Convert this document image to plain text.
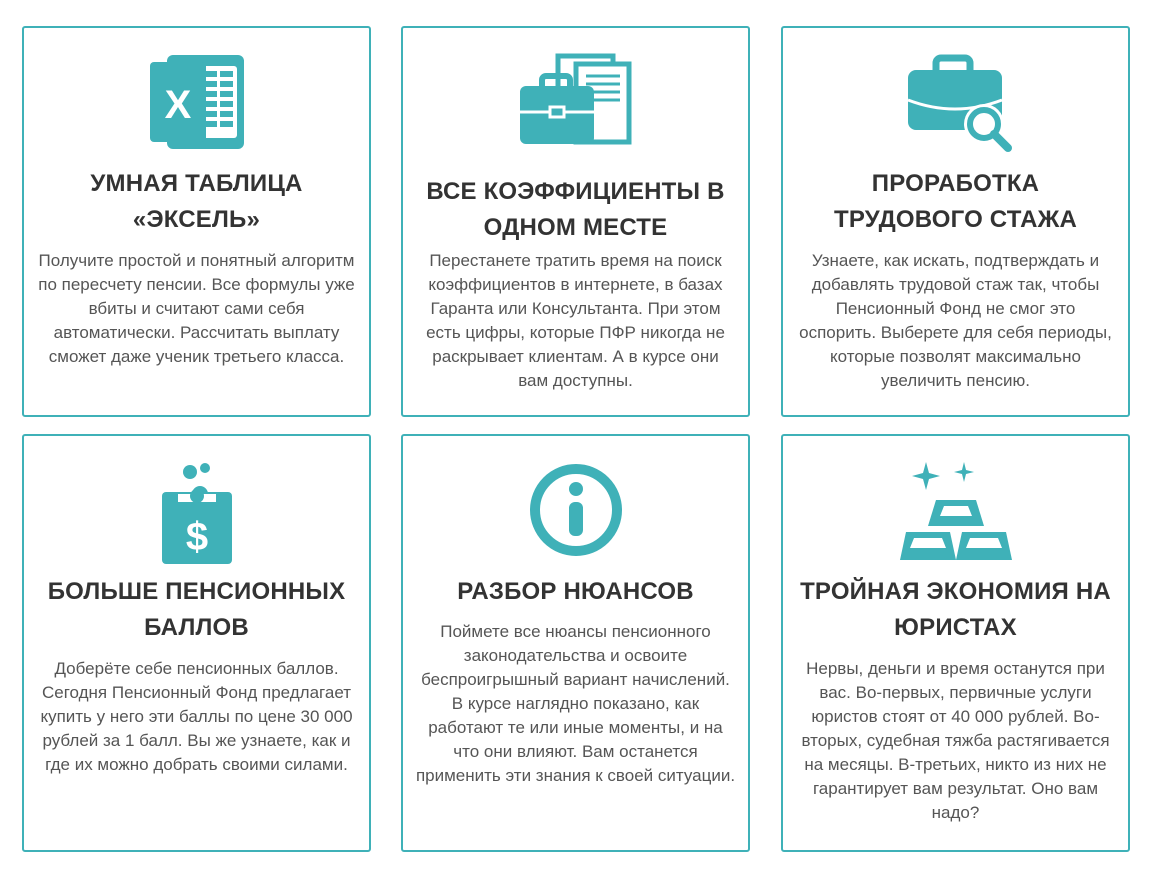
X
УМНАЯ ТАБЛИЦА «ЭКСЕЛЬ»

Получите простой и понятный алгоритм по пересчету пенсии. Все формулы уже вбиты и считают сами себя автоматически. Рассчитать выплату сможет даже ученик третьего класса.

ВСЕ КОЭФФИЦИЕНТЫ В ОДНОМ МЕСТЕ

Перестанете тратить время на поиск коэффициентов в интернете, в базах Гаранта или Консультанта. При этом есть цифры, которые ПФР никогда не раскрывает клиентам. А в курсе они вам доступны.

ПРОРАБОТКА ТРУДОВОГО СТАЖА

Узнаете, как искать, подтверждать и добавлять трудовой стаж так, чтобы Пенсионный Фонд не смог это оспорить. Выберете для себя периоды, которые позволят максимально увеличить пенсию.

$
БОЛЬШЕ ПЕНСИОННЫХ БАЛЛОВ

Доберёте себе пенсионных баллов. Сегодня Пенсионный Фонд предлагает купить у него эти баллы по цене 30 000 рублей за 1 балл. Вы же узнаете, как и где их можно добрать своими силами.

РАЗБОР НЮАНСОВ

Поймете все нюансы пенсионного законодательства и освоите беспроигрышный вариант начислений. В курсе наглядно показано, как работают те или иные моменты, и на что они влияют. Вам останется применить эти знания к своей ситуации.

ТРОЙНАЯ ЭКОНОМИЯ НА ЮРИСТАХ

Нервы, деньги и время останутся при вас. Во-первых, первичные услуги юристов стоят от 40 000 рублей. Во-вторых, судебная тяжба растягивается на месяцы. В-третьих, никто из них не гарантирует вам результат. Оно вам надо?
